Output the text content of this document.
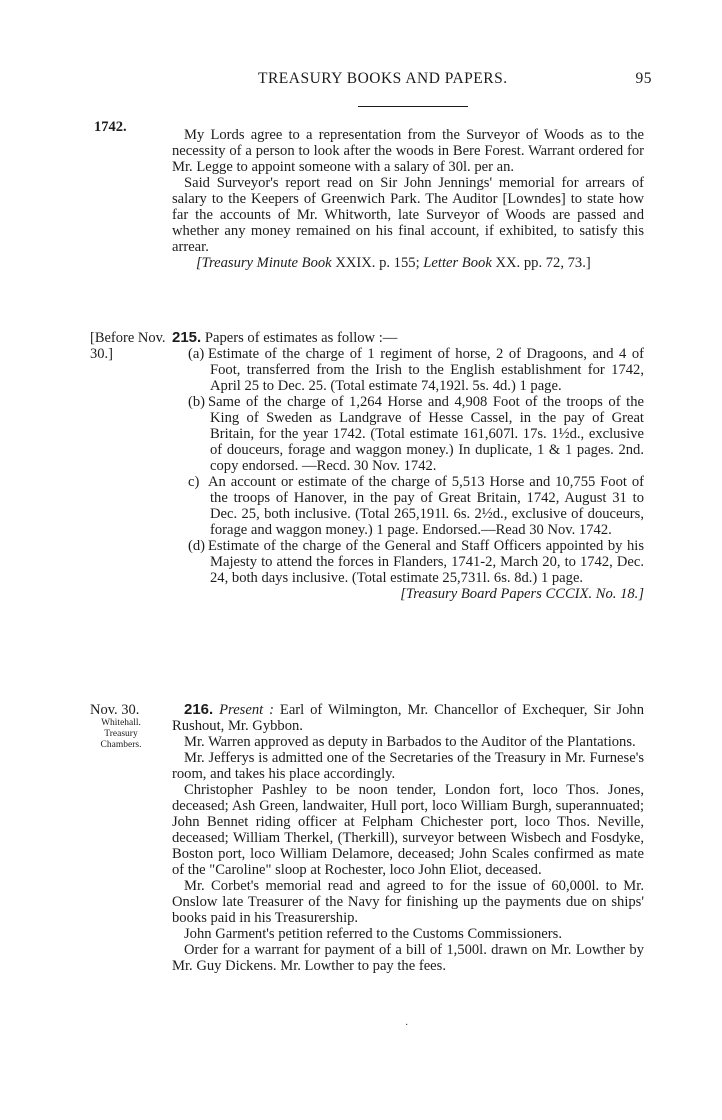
TREASURY BOOKS AND PAPERS.	95
1742.	My Lords agree to a representation from the Surveyor of Woods as to the necessity of a person to look after the woods in Bere Forest. Warrant ordered for Mr. Legge to appoint someone with a salary of 30l. per an.

Said Surveyor's report read on Sir John Jennings' memorial for arrears of salary to the Keepers of Greenwich Park. The Auditor [Lowndes] to state how far the accounts of Mr. Whitworth, late Surveyor of Woods are passed and whether any money remained on his final account, if exhibited, to satisfy this arrear.

[Treasury Minute Book XXIX. p. 155; Letter Book XX. pp. 72, 73.]

[Before Nov. 30.]

215. Papers of estimates as follow :—

(a) Estimate of the charge of 1 regiment of horse, 2 of Dragoons, and 4 of Foot, transferred from the Irish to the English establishment for 1742, April 25 to Dec. 25. (Total estimate 74,192l. 5s. 4d.) 1 page.

(b) Same of the charge of 1,264 Horse and 4,908 Foot of the troops of the King of Sweden as Landgrave of Hesse Cassel, in the pay of Great Britain, for the year 1742. (Total estimate 161,607l. 17s. 1½d., exclusive of douceurs, forage and waggon money.) In duplicate, 1 & 1 pages. 2nd. copy endorsed. —Recd. 30 Nov. 1742.

c) An account or estimate of the charge of 5,513 Horse and 10,755 Foot of the troops of Hanover, in the pay of Great Britain, 1742, August 31 to Dec. 25, both inclusive. (Total 265,191l. 6s. 2½d., exclusive of douceurs, forage and waggon money.) 1 page. Endorsed.—Read 30 Nov. 1742.

(d) Estimate of the charge of the General and Staff Officers appointed by his Majesty to attend the forces in Flanders, 1741-2, March 20, to 1742, Dec. 24, both days inclusive. (Total estimate 25,731l. 6s. 8d.) 1 page.

[Treasury Board Papers CCCIX. No. 18.]

Nov. 30.
Whitehall.
Treasury
Chambers.

216. Present : Earl of Wilmington, Mr. Chancellor of Exchequer, Sir John Rushout, Mr. Gybbon.

Mr. Warren approved as deputy in Barbados to the Auditor of the Plantations.

Mr. Jefferys is admitted one of the Secretaries of the Treasury in Mr. Furnese's room, and takes his place accordingly.

Christopher Pashley to be noon tender, London fort, loco Thos. Jones, deceased; Ash Green, landwaiter, Hull port, loco William Burgh, superannuated; John Bennet riding officer at Felpham Chichester port, loco Thos. Neville, deceased; William Therkel, (Therkill), surveyor between Wisbech and Fosdyke, Boston port, loco William Delamore, deceased; John Scales confirmed as mate of the "Caroline" sloop at Rochester, loco John Eliot, deceased.

Mr. Corbet's memorial read and agreed to for the issue of 60,000l. to Mr. Onslow late Treasurer of the Navy for finishing up the payments due on ships' books paid in his Treasurership.

John Garment's petition referred to the Customs Commissioners.

Order for a warrant for payment of a bill of 1,500l. drawn on Mr. Lowther by Mr. Guy Dickens. Mr. Lowther to pay the fees.

·
